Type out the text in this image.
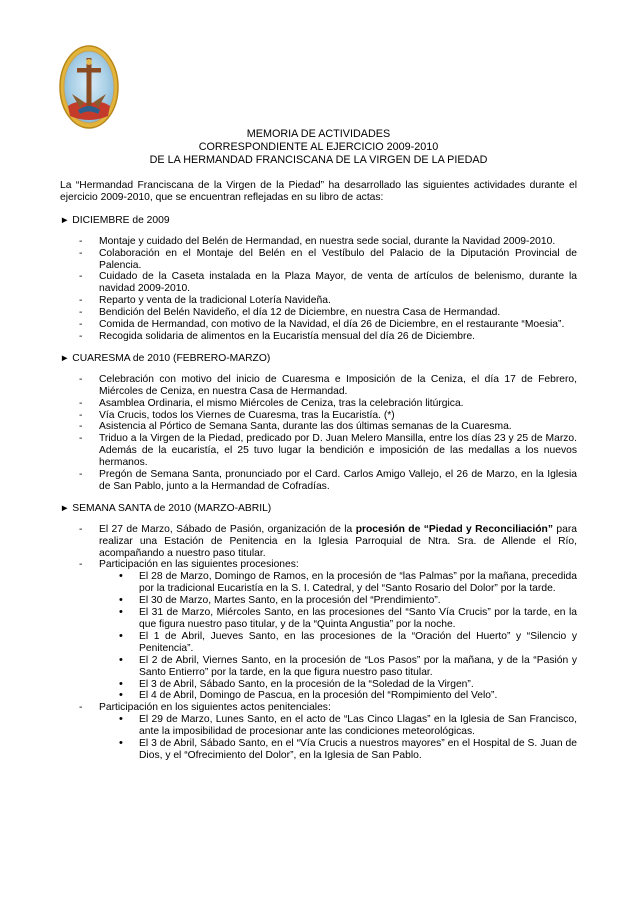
MEMORIA DE ACTIVIDADES
CORRESPONDIENTE AL EJERCICIO 2009-2010
DE LA HERMANDAD FRANCISCANA DE LA VIRGEN DE LA PIEDAD

La “Hermandad Franciscana de la Virgen de la Piedad” ha desarrollado las siguientes actividades durante el ejercicio 2009-2010, que se encuentran reflejadas en su libro de actas:

► DICIEMBRE de 2009
- Montaje y cuidado del Belén de Hermandad, en nuestra sede social, durante la Navidad 2009-2010.
- Colaboración en el Montaje del Belén en el Vestíbulo del Palacio de la Diputación Provincial de Palencia.
- Cuidado de la Caseta instalada en la Plaza Mayor, de venta de artículos de belenismo, durante la navidad 2009-2010.
- Reparto y venta de la tradicional Lotería Navideña.
- Bendición del Belén Navideño, el día 12 de Diciembre, en nuestra Casa de Hermandad.
- Comida de Hermandad, con motivo de la Navidad, el día 26 de Diciembre, en el restaurante “Moesia”.
- Recogida solidaria de alimentos en la Eucaristía mensual del día 26 de Diciembre.
► CUARESMA de 2010 (FEBRERO-MARZO)
- Celebración con motivo del inicio de Cuaresma e Imposición de la Ceniza, el día 17 de Febrero, Miércoles de Ceniza, en nuestra Casa de Hermandad.
- Asamblea Ordinaria, el mismo Miércoles de Ceniza, tras la celebración litúrgica.
- Vía Crucis, todos los Viernes de Cuaresma, tras la Eucaristía. (*)
- Asistencia al Pórtico de Semana Santa, durante las dos últimas semanas de la Cuaresma.
- Triduo a la Virgen de la Piedad, predicado por D. Juan Melero Mansilla, entre los días 23 y 25 de Marzo. Además de la eucaristía, el 25 tuvo lugar la bendición e imposición de las medallas a los nuevos hermanos.
- Pregón de Semana Santa, pronunciado por el Card. Carlos Amigo Vallejo, el 26 de Marzo, en la Iglesia de San Pablo, junto a la Hermandad de Cofradías.
► SEMANA SANTA de 2010 (MARZO-ABRIL)
- El 27 de Marzo, Sábado de Pasión, organización de la procesión de “Piedad y Reconciliación” para realizar una Estación de Penitencia en la Iglesia Parroquial de Ntra. Sra. de Allende el Río, acompañando a nuestro paso titular.
- Participación en las siguientes procesiones:
• El 28 de Marzo, Domingo de Ramos, en la procesión de “las Palmas” por la mañana, precedida por la tradicional Eucaristía en la S. I. Catedral, y del “Santo Rosario del Dolor” por la tarde.
• El 30 de Marzo, Martes Santo, en la procesión del “Prendimiento”.
• El 31 de Marzo, Miércoles Santo, en las procesiones del “Santo Vía Crucis” por la tarde, en la que figura nuestro paso titular, y de la “Quinta Angustia” por la noche.
• El 1 de Abril, Jueves Santo, en las procesiones de la “Oración del Huerto” y “Silencio y Penitencia”.
• El 2 de Abril, Viernes Santo, en la procesión de “Los Pasos” por la mañana, y de la “Pasión y Santo Entierro” por la tarde, en la que figura nuestro paso titular.
• El 3 de Abril, Sábado Santo, en la procesión de la “Soledad de la Virgen”.
• El 4 de Abril, Domingo de Pascua, en la procesión del “Rompimiento del Velo”.
- Participación en los siguientes actos penitenciales:
• El 29 de Marzo, Lunes Santo, en el acto de “Las Cinco Llagas” en la Iglesia de San Francisco, ante la imposibilidad de procesionar ante las condiciones meteorológicas.
• El 3 de Abril, Sábado Santo, en el “Vía Crucis a nuestros mayores” en el Hospital de S. Juan de Dios, y el “Ofrecimiento del Dolor”, en la Iglesia de San Pablo.
